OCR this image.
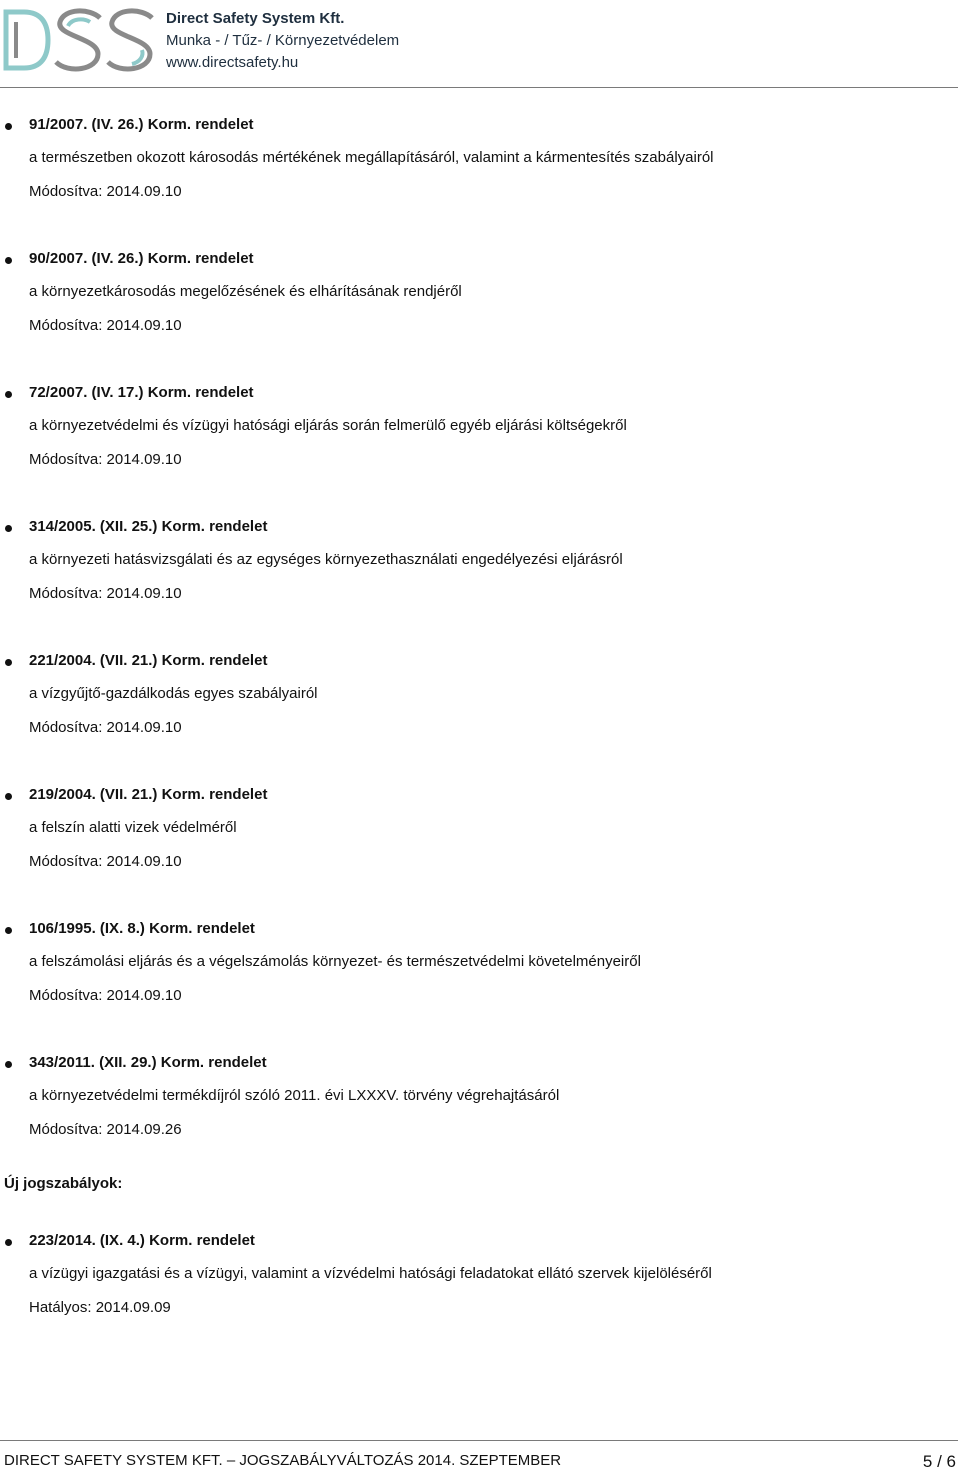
Direct Safety System Kft.
Munka - / Tűz- / Környezetvédelem
www.directsafety.hu
91/2007. (IV. 26.) Korm. rendelet
a természetben okozott károsodás mértékének megállapításáról, valamint a kármentesítés szabályairól
Módosítva: 2014.09.10
90/2007. (IV. 26.) Korm. rendelet
a környezetkárosodás megelőzésének és elhárításának rendjéről
Módosítva: 2014.09.10
72/2007. (IV. 17.) Korm. rendelet
a környezetvédelmi és vízügyi hatósági eljárás során felmerülő egyéb eljárási költségekről
Módosítva: 2014.09.10
314/2005. (XII. 25.) Korm. rendelet
a környezeti hatásvizsgálati és az egységes környezethasználati engedélyezési eljárásról
Módosítva: 2014.09.10
221/2004. (VII. 21.) Korm. rendelet
a vízgyűjtő-gazdálkodás egyes szabályairól
Módosítva: 2014.09.10
219/2004. (VII. 21.) Korm. rendelet
a felszín alatti vizek védelméről
Módosítva: 2014.09.10
106/1995. (IX. 8.) Korm. rendelet
a felszámolási eljárás és a végelszámolás környezet- és természetvédelmi követelményeiről
Módosítva: 2014.09.10
343/2011. (XII. 29.) Korm. rendelet
a környezetvédelmi termékdíjról szóló 2011. évi LXXXV. törvény végrehajtásáról
Módosítva: 2014.09.26
Új jogszabályok:
223/2014. (IX. 4.) Korm. rendelet
a vízügyi igazgatási és a vízügyi, valamint a vízvédelmi hatósági feladatokat ellátó szervek kijelöléséről
Hatályos: 2014.09.09
DIRECT SAFETY SYSTEM KFT. – JOGSZABÁLYVÁLTOZÁS 2014. SZEPTEMBER	5 / 6
